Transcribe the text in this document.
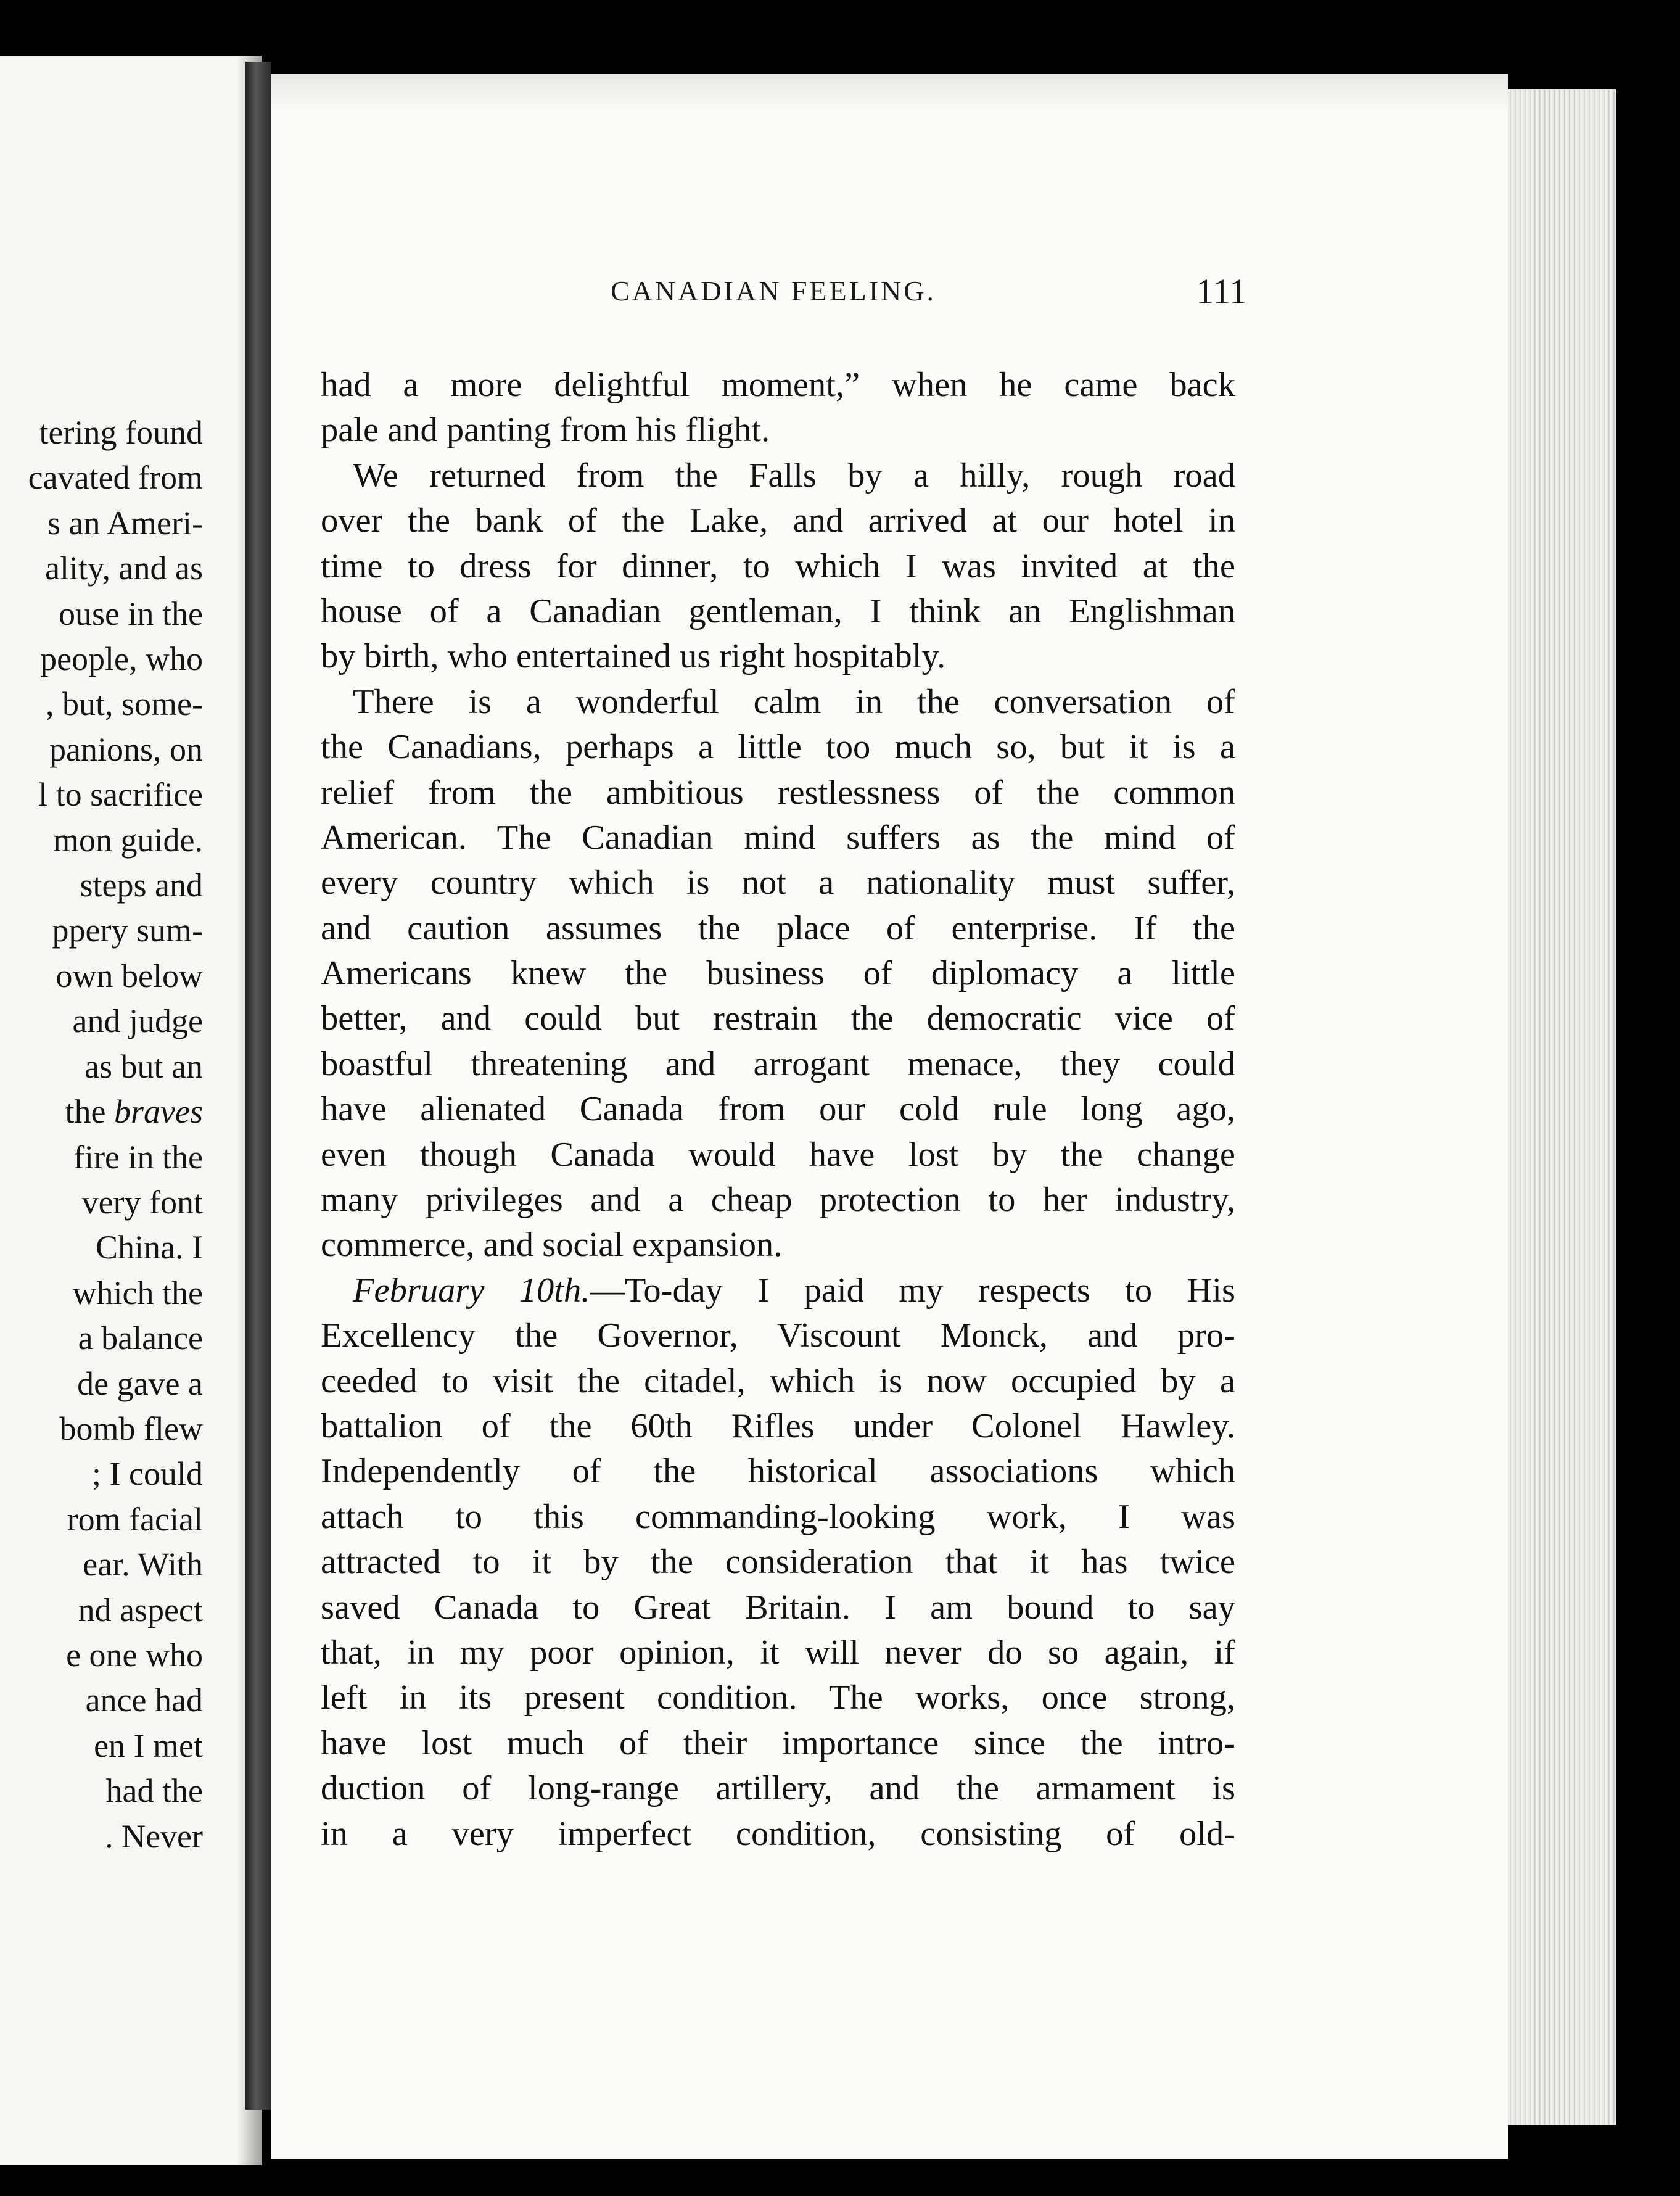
tering found
cavated from
s an Ameri-
ality, and as
ouse in the
people, who
, but, some-
panions, on
l to sacrifice
mon guide.
steps and
ppery sum-
own below
and judge
as but an
the braves
fire in the
very font
China. I
which the
a balance
de gave a
bomb flew
; I could
rom facial
ear. With
nd aspect
e one who
ance had
en I met
had the
. Never
CANADIAN FEELING.	111
had a more delightful moment,” when he came back
pale and panting from his flight.
We returned from the Falls by a hilly, rough road
over the bank of the Lake, and arrived at our hotel in
time to dress for dinner, to which I was invited at the
house of a Canadian gentleman, I think an Englishman
by birth, who entertained us right hospitably.
There is a wonderful calm in the conversation of
the Canadians, perhaps a little too much so, but it is a
relief from the ambitious restlessness of the common
American. The Canadian mind suffers as the mind of
every country which is not a nationality must suffer,
and caution assumes the place of enterprise. If the
Americans knew the business of diplomacy a little
better, and could but restrain the democratic vice of
boastful threatening and arrogant menace, they could
have alienated Canada from our cold rule long ago,
even though Canada would have lost by the change
many privileges and a cheap protection to her industry,
commerce, and social expansion.
February 10th.—To-day I paid my respects to His
Excellency the Governor, Viscount Monck, and pro-
ceeded to visit the citadel, which is now occupied by a
battalion of the 60th Rifles under Colonel Hawley.
Independently of the historical associations which
attach to this commanding-looking work, I was
attracted to it by the consideration that it has twice
saved Canada to Great Britain. I am bound to say
that, in my poor opinion, it will never do so again, if
left in its present condition. The works, once strong,
have lost much of their importance since the intro-
duction of long-range artillery, and the armament is
in a very imperfect condition, consisting of old-
